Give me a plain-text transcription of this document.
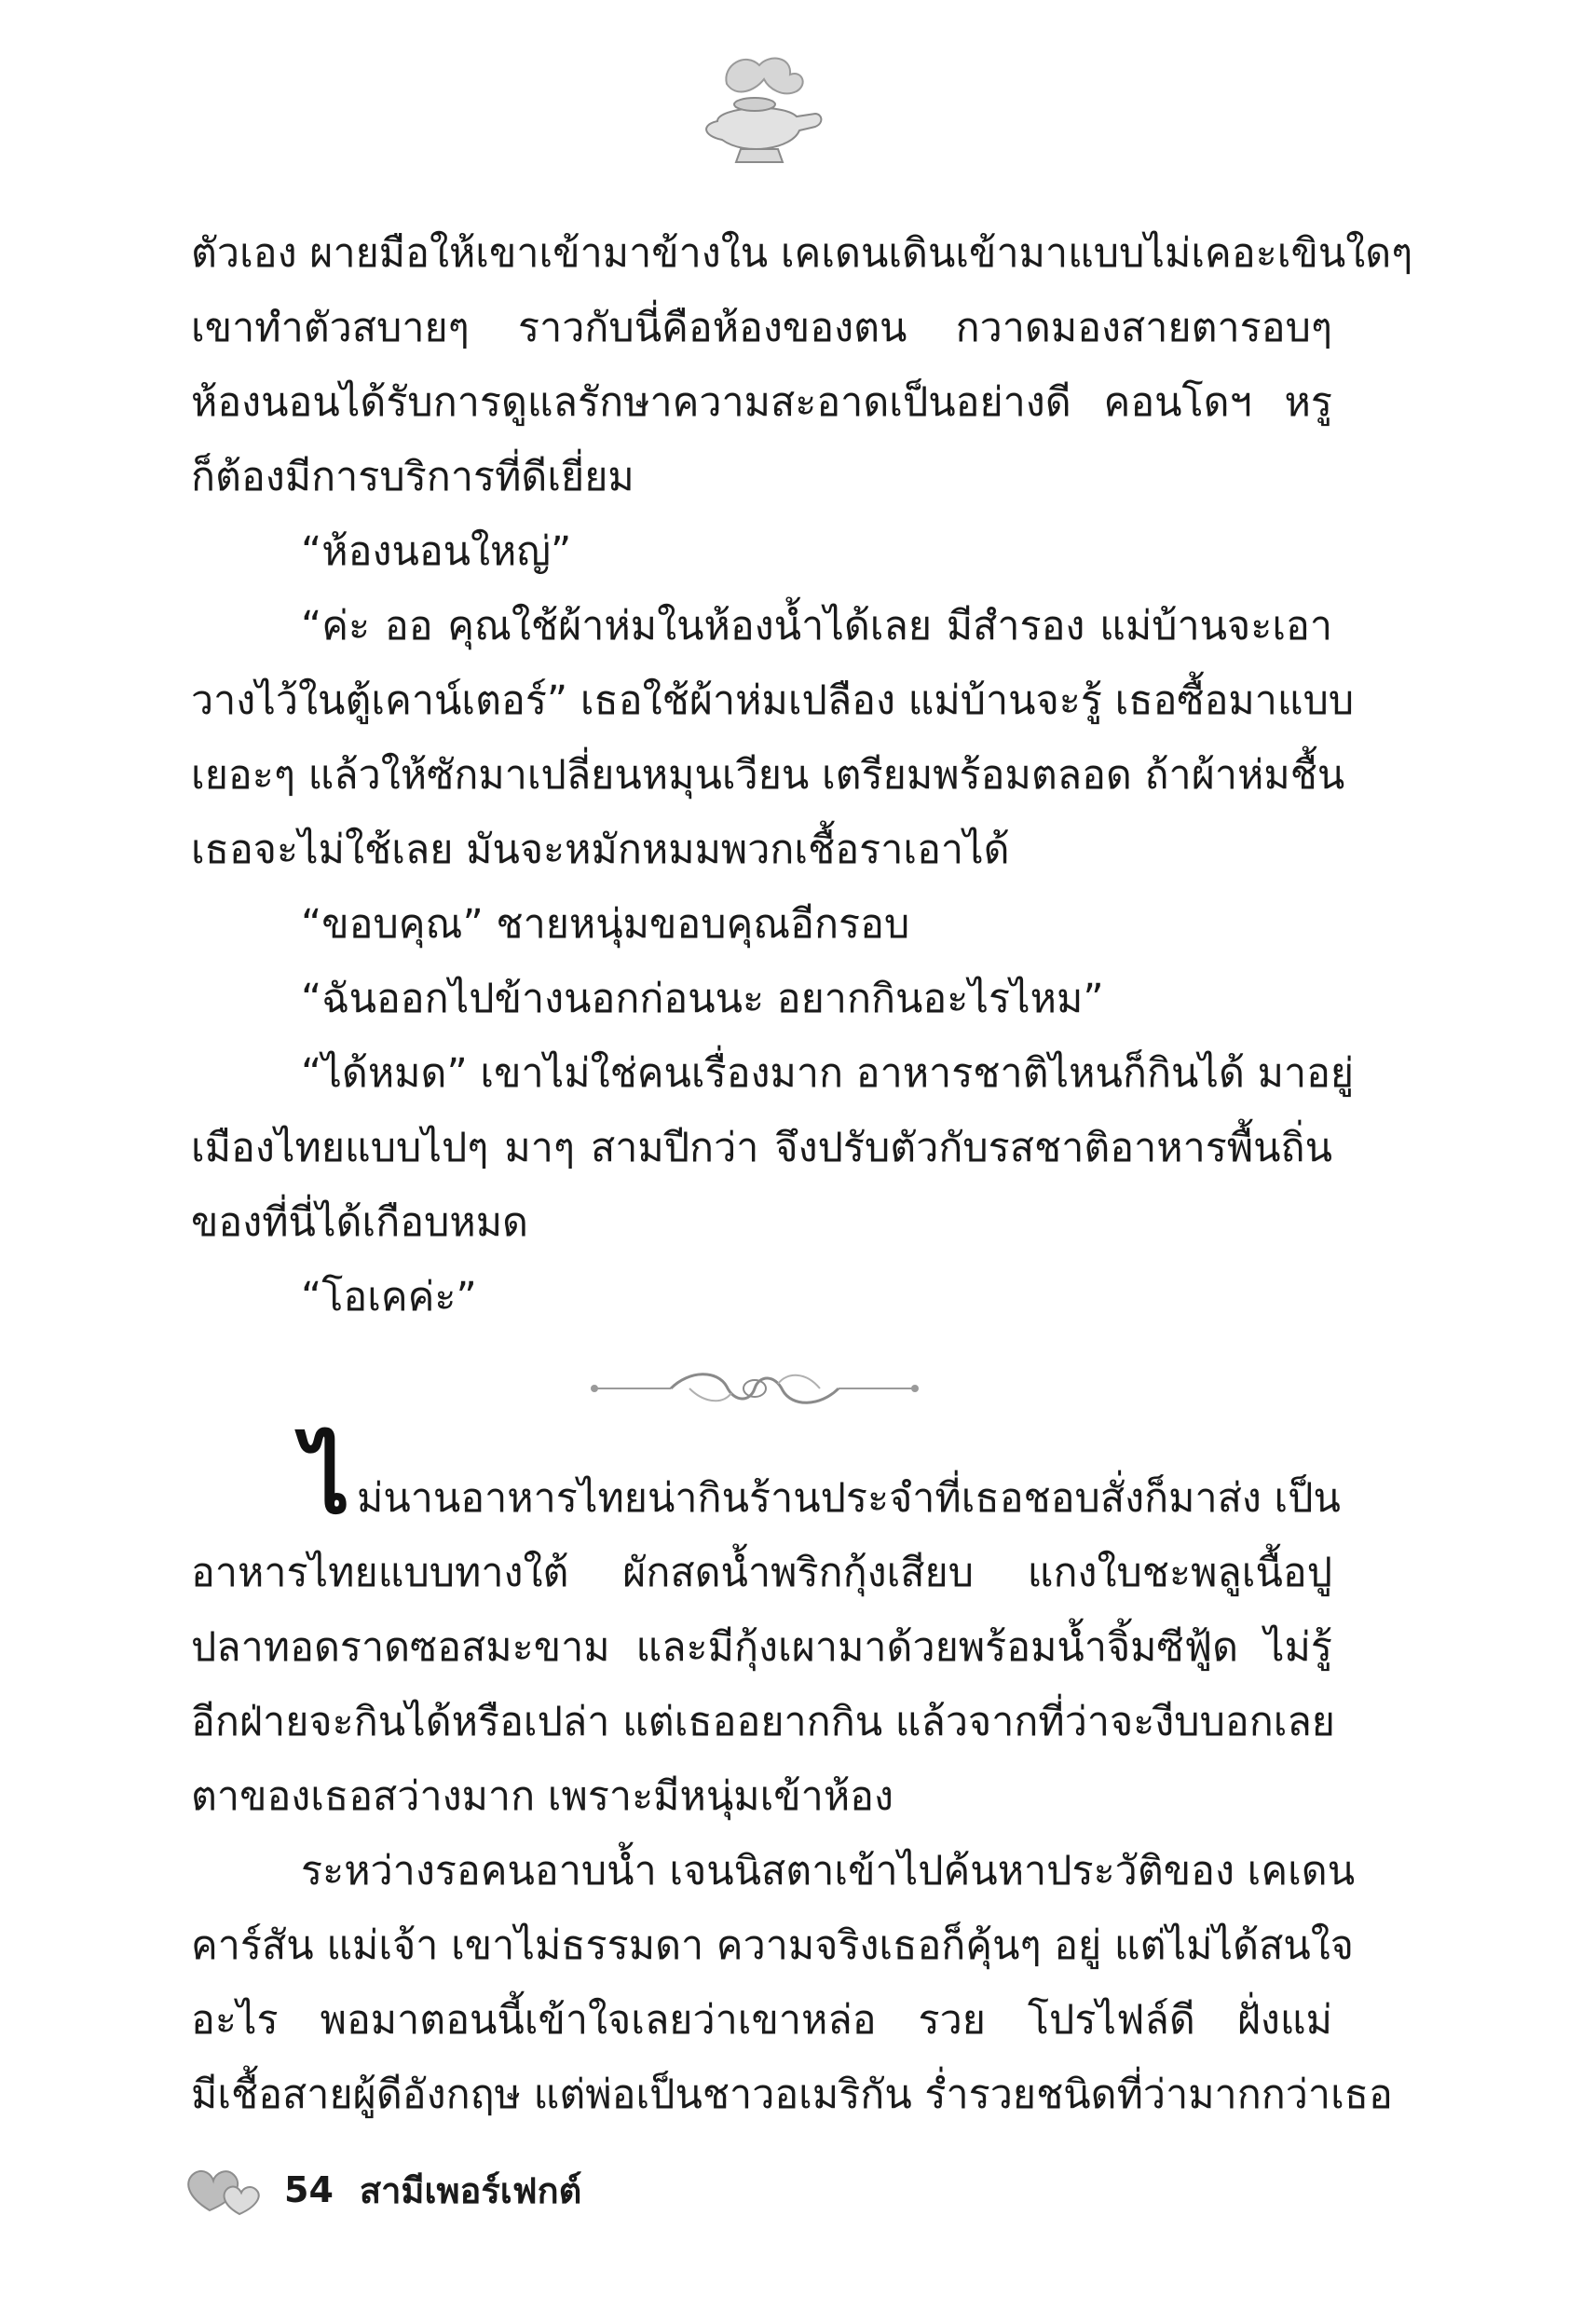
ตัวเอง ผายมือให้เขาเข้ามาข้างใน เคเดนเดินเข้ามาแบบไม่เคอะเขินใดๆ
เขาทำตัวสบายๆ ราวกับนี่คือห้องของตน กวาดมองสายตารอบๆ
ห้องนอนได้รับการดูแลรักษาความสะอาดเป็นอย่างดี คอนโดฯ หรู
ก็ต้องมีการบริการที่ดีเยี่ยม
“ห้องนอนใหญ่”
“ค่ะ ออ คุณใช้ผ้าห่มในห้องน้ำได้เลย มีสำรอง แม่บ้านจะเอา
วางไว้ในตู้เคาน์เตอร์” เธอใช้ผ้าห่มเปลือง แม่บ้านจะรู้ เธอซื้อมาแบบ
เยอะๆ แล้วให้ซักมาเปลี่ยนหมุนเวียน เตรียมพร้อมตลอด ถ้าผ้าห่มชื้น
เธอจะไม่ใช้เลย มันจะหมักหมมพวกเชื้อราเอาได้
“ขอบคุณ” ชายหนุ่มขอบคุณอีกรอบ
“ฉันออกไปข้างนอกก่อนนะ อยากกินอะไรไหม”
“ได้หมด” เขาไม่ใช่คนเรื่องมาก อาหารชาติไหนก็กินได้ มาอยู่
เมืองไทยแบบไปๆ มาๆ สามปีกว่า จึงปรับตัวกับรสชาติอาหารพื้นถิ่น
ของที่นี่ได้เกือบหมด
“โอเคค่ะ”
ไ ม่นานอาหารไทยน่ากินร้านประจำที่เธอชอบสั่งก็มาส่ง เป็น
อาหารไทยแบบทางใต้ ผักสดน้ำพริกกุ้งเสียบ แกงใบชะพลูเนื้อปู
ปลาทอดราดซอสมะขาม และมีกุ้งเผามาด้วยพร้อมน้ำจิ้มซีฟู้ด ไม่รู้
อีกฝ่ายจะกินได้หรือเปล่า แต่เธออยากกิน แล้วจากที่ว่าจะงีบบอกเลย
ตาของเธอสว่างมาก เพราะมีหนุ่มเข้าห้อง
ระหว่างรอคนอาบน้ำ เจนนิสตาเข้าไปค้นหาประวัติของ เคเดน
คาร์สัน แม่เจ้า เขาไม่ธรรมดา ความจริงเธอก็คุ้นๆ อยู่ แต่ไม่ได้สนใจ
อะไร พอมาตอนนี้เข้าใจเลยว่าเขาหล่อ รวย โปรไฟล์ดี ฝั่งแม่
มีเชื้อสายผู้ดีอังกฤษ แต่พ่อเป็นชาวอเมริกัน ร่ำรวยชนิดที่ว่ามากกว่าเธอ
54 สามีเพอร์เฟกต์
